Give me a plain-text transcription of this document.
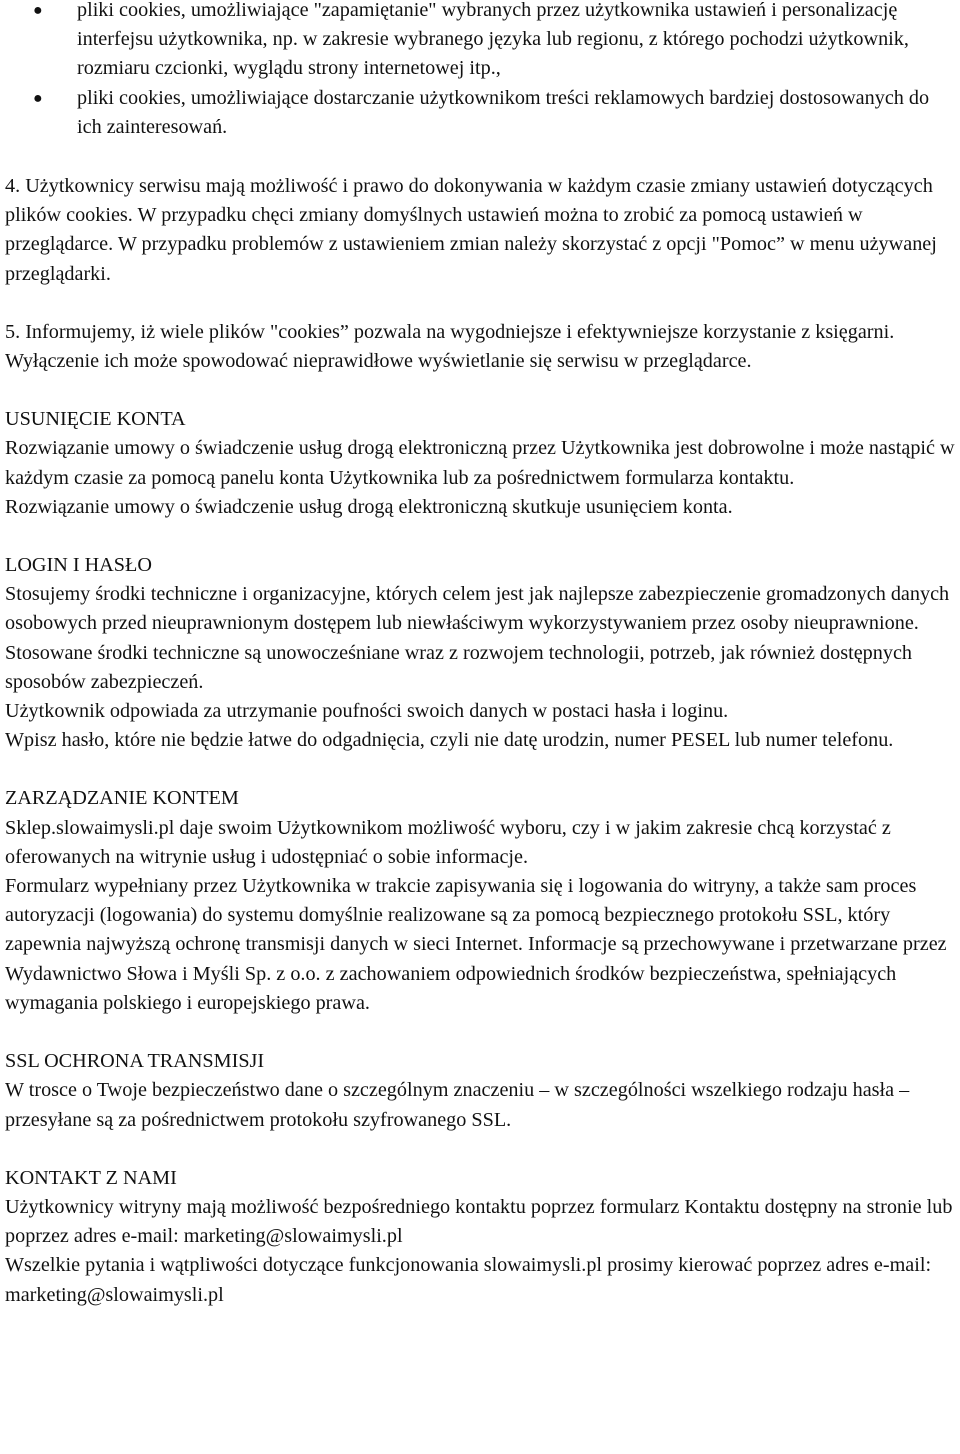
● pliki cookies, umożliwiające "zapamiętanie" wybranych przez użytkownika ustawień i personalizację interfejsu użytkownika, np. w zakresie wybranego języka lub regionu, z którego pochodzi użytkownik, rozmiaru czcionki, wyglądu strony internetowej itp.,
● pliki cookies, umożliwiające dostarczanie użytkownikom treści reklamowych bardziej dostosowanych do ich zainteresowań.

4. Użytkownicy serwisu mają możliwość i prawo do dokonywania w każdym czasie zmiany ustawień dotyczących plików cookies. W przypadku chęci zmiany domyślnych ustawień można to zrobić za pomocą ustawień w przeglądarce. W przypadku problemów z ustawieniem zmian należy skorzystać z opcji "Pomoc” w menu używanej przeglądarki.

5. Informujemy, iż wiele plików "cookies” pozwala na wygodniejsze i efektywniejsze korzystanie z księgarni. Wyłączenie ich może spowodować nieprawidłowe wyświetlanie się serwisu w przeglądarce.

USUNIĘCIE KONTA

Rozwiązanie umowy o świadczenie usług drogą elektroniczną przez Użytkownika jest dobrowolne i może nastąpić w każdym czasie za pomocą panelu konta Użytkownika lub za pośrednictwem formularza kontaktu.

Rozwiązanie umowy o świadczenie usług drogą elektroniczną skutkuje usunięciem konta.

LOGIN I HASŁO

Stosujemy środki techniczne i organizacyjne, których celem jest jak najlepsze zabezpieczenie gromadzonych danych osobowych przed nieuprawnionym dostępem lub niewłaściwym wykorzystywaniem przez osoby nieuprawnione. Stosowane środki techniczne są unowocześniane wraz z rozwojem technologii, potrzeb, jak również dostępnych sposobów zabezpieczeń.

Użytkownik odpowiada za utrzymanie poufności swoich danych w postaci hasła i loginu.

Wpisz hasło, które nie będzie łatwe do odgadnięcia, czyli nie datę urodzin, numer PESEL lub numer telefonu.

ZARZĄDZANIE KONTEM

Sklep.slowaimysli.pl daje swoim Użytkownikom możliwość wyboru, czy i w jakim zakresie chcą korzystać z oferowanych na witrynie usług i udostępniać o sobie informacje.

Formularz wypełniany przez Użytkownika w trakcie zapisywania się i logowania do witryny, a także sam proces autoryzacji (logowania) do systemu domyślnie realizowane są za pomocą bezpiecznego protokołu SSL, który zapewnia najwyższą ochronę transmisji danych w sieci Internet. Informacje są przechowywane i przetwarzane przez Wydawnictwo Słowa i Myśli Sp. z o.o. z zachowaniem odpowiednich środków bezpieczeństwa, spełniających wymagania polskiego i europejskiego prawa.

SSL OCHRONA TRANSMISJI

W trosce o Twoje bezpieczeństwo dane o szczególnym znaczeniu – w szczególności wszelkiego rodzaju hasła – przesyłane są za pośrednictwem protokołu szyfrowanego SSL.

KONTAKT Z NAMI

Użytkownicy witryny mają możliwość bezpośredniego kontaktu poprzez formularz Kontaktu dostępny na stronie lub poprzez adres e-mail: marketing@slowaimysli.pl

Wszelkie pytania i wątpliwości dotyczące funkcjonowania slowaimysli.pl prosimy kierować poprzez adres e-mail: marketing@slowaimysli.pl
